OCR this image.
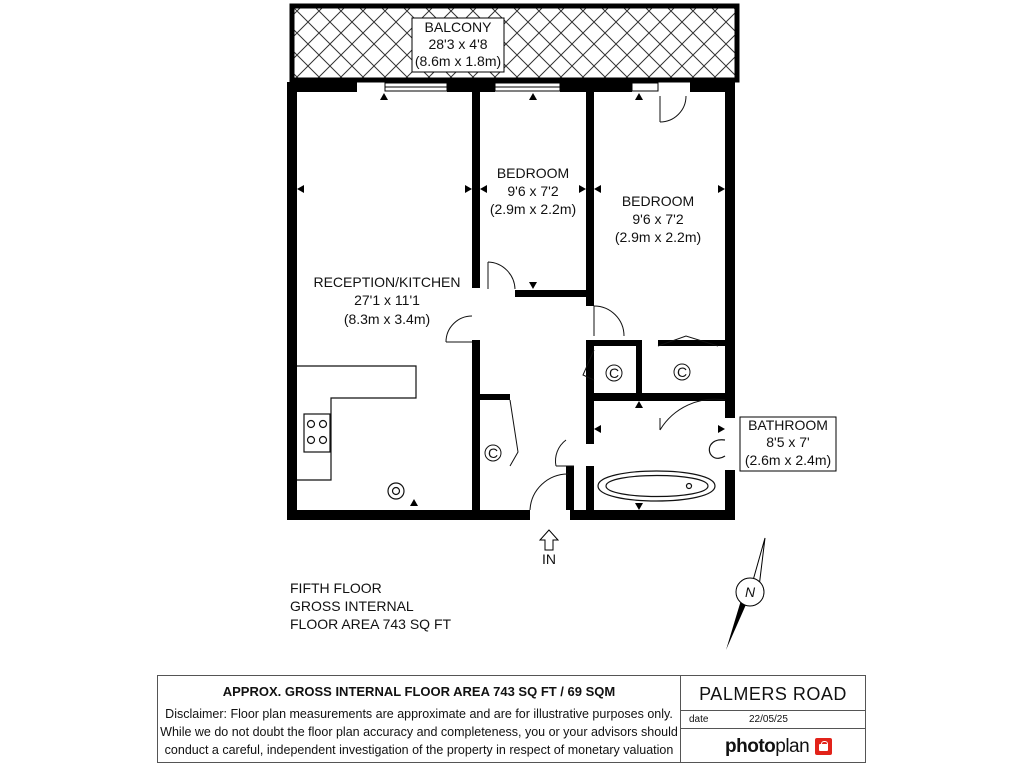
BALCONY
28'3 x 4'8
(8.6m x 1.8m)
C	C
C
RECEPTION/KITCHEN
27'1 x 11'1
(8.3m x 3.4m)
BEDROOM
9'6 x 7'2
(2.9m x 2.2m)	BEDROOM
9'6 x 7'2
(2.9m x 2.2m)
BATHROOM
8'5 x 7'
(2.6m x 2.4m)
IN
N
FIFTH FLOOR
GROSS INTERNAL
FLOOR AREA 743 SQ FT
APPROX. GROSS INTERNAL FLOOR AREA 743 SQ FT / 69 SQM
Disclaimer: Floor plan measurements are approximate and are for illustrative purposes only.
While we do not doubt the floor plan accuracy and completeness, you or your advisors should
conduct a careful, independent investigation of the property in respect of monetary valuation
PALMERS ROAD
date	22/05/25
photoplan
